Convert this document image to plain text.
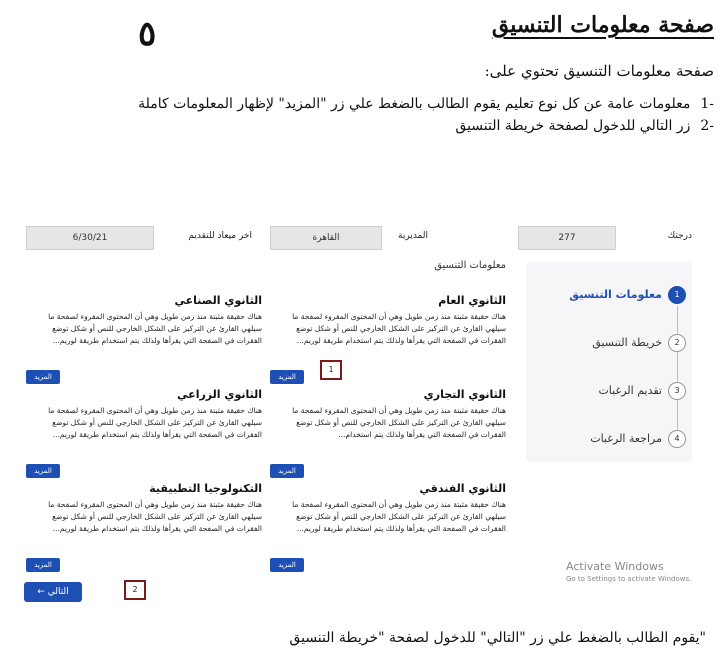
٥	صفحة معلومات التنسيق
صفحة معلومات التنسيق تحتوي على:
-1
معلومات عامة عن كل نوع تعليم يقوم الطالب بالضغط علي زر "المزيد" لإظهار المعلومات كاملة
-2
زر التالي للدخول لصفحة خريطة التنسيق
درجتك
277
المديرية
القاهرة
اخر ميعاد للتقديم
6/30/21
معلومات التنسيق
1
معلومات التنسيق
2
خريطة التنسيق
3
تقديم الرغبات
4
مراجعة الرغبات
الثانوي العام

هناك حقيقة مثبتة منذ زمن طويل وهي أن المحتوى المقروء لصفحة ما سيلهي القارئ عن التركيز على الشكل الخارجي للنص أو شكل توضع الفقرات في الصفحة التي يقرأها ولذلك يتم استخدام طريقة لوريم...

المزيد
الثانوي التجاري

هناك حقيقة مثبتة منذ زمن طويل وهي أن المحتوى المقروء لصفحة ما سيلهي القارئ عن التركيز على الشكل الخارجي للنص أو شكل توضع الفقرات في الصفحة التي يقرأها ولذلك يتم استخدام...

المزيد
الثانوي الفندقي

هناك حقيقة مثبتة منذ زمن طويل وهي أن المحتوى المقروء لصفحة ما سيلهي القارئ عن التركيز على الشكل الخارجي للنص أو شكل توضع الفقرات في الصفحة التي يقرأها ولذلك يتم استخدام طريقة لوريم...

المزيد
الثانوي الصناعي

هناك حقيقة مثبتة منذ زمن طويل وهي أن المحتوى المقروء لصفحة ما سيلهي القارئ عن التركيز على الشكل الخارجي للنص أو شكل توضع الفقرات في الصفحة التي يقرأها ولذلك يتم استخدام طريقة لوريم...

المزيد
الثانوي الزراعي

هناك حقيقة مثبتة منذ زمن طويل وهي أن المحتوى المقروء لصفحة ما سيلهي القارئ عن التركيز على الشكل الخارجي للنص أو شكل توضع الفقرات في الصفحة التي يقرأها ولذلك يتم استخدام طريقة لوريم...

المزيد
التكنولوجيا التطبيقية

هناك حقيقة مثبتة منذ زمن طويل وهي أن المحتوى المقروء لصفحة ما سيلهي القارئ عن التركيز على الشكل الخارجي للنص أو شكل توضع الفقرات في الصفحة التي يقرأها ولذلك يتم استخدام طريقة لوريم...

المزيد
1
التالي ←	2
Activate Windows
Go to Settings to activate Windows.
"يقوم الطالب بالضغط علي زر "التالي" للدخول لصفحة "خريطة التنسيق
